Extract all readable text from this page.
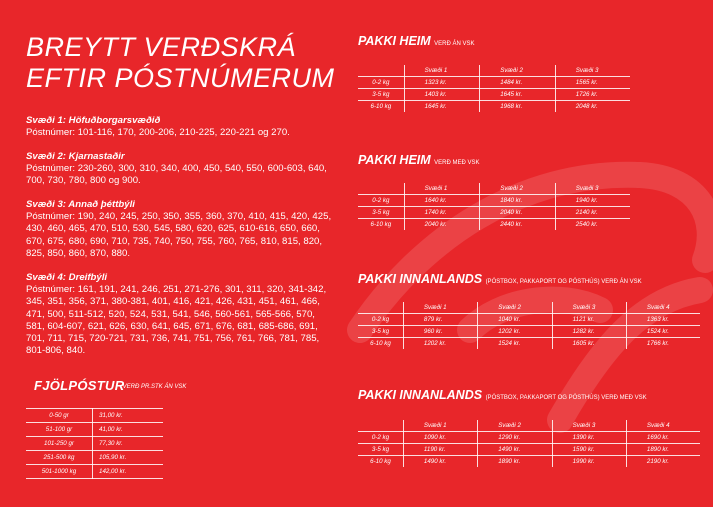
BREYTT VERÐSKRÁ
EFTIR PÓSTNÚMERUM
Svæði 1: Höfuðborgarsvæðið
Póstnúmer: 101-116, 170, 200-206, 210-225, 220-221 og 270.
Svæði 2: Kjarnastaðir
Póstnúmer: 230-260, 300, 310, 340, 400, 450, 540, 550, 600-603, 640, 700, 730, 780, 800 og 900.
Svæði 3: Annað þéttbýli
Póstnúmer: 190, 240, 245, 250, 350, 355, 360, 370, 410, 415, 420, 425, 430, 460, 465, 470, 510, 530, 545, 580, 620, 625, 610-616, 650, 660, 670, 675, 680, 690, 710, 735, 740, 750, 755, 760, 765, 810, 815, 820, 825, 850, 860, 870, 880.
Svæði 4: Dreifbýli
Póstnúmer: 161, 191, 241, 246, 251, 271-276, 301, 311, 320, 341-342, 345, 351, 356, 371, 380-381, 401, 416, 421, 426, 431, 451, 461, 466, 471, 500, 511-512, 520, 524, 531, 541, 546, 560-561, 565-566, 570, 581, 604-607, 621, 626, 630, 641, 645, 671, 676, 681, 685-686, 691, 701, 711, 715, 720-721, 731, 736, 741, 751, 756, 761, 766, 781, 785, 801-806, 840.
FJÖLPÓSTUR
- VERÐ PR.STK ÁN VSK
0-50 gr	31,00 kr.
51-100 gr	41,00 kr.
101-250 gr	77,30 kr.
251-500 kg	105,90 kr.
501-1000 kg	142,00 kr.
PAKKI HEIM VERÐ ÁN VSK
	Svæði 1	Svæði 2	Svæði 3
0-2 kg	1323 kr.	1484 kr.	1565 kr.
3-5 kg	1403 kr.	1645 kr.	1726 kr.
6-10 kg	1645 kr.	1968 kr.	2048 kr.
PAKKI HEIM VERÐ MEÐ VSK
	Svæði 1	Svæði 2	Svæði 3
0-2 kg	1640 kr.	1840 kr.	1940 kr.
3-5 kg	1740 kr.	2040 kr.	2140 kr.
6-10 kg	2040 kr.	2440 kr.	2540 kr.
PAKKI INNANLANDS (PÓSTBOX, PAKKAPORT OG PÓSTHÚS) VERÐ ÁN VSK
	Svæði 1	Svæði 2	Svæði 3	Svæði 4
0-2 kg	879 kr.	1040 kr.	1121 kr.	1363 kr.
3-5 kg	960 kr.	1202 kr.	1282 kr.	1524 kr.
6-10 kg	1202 kr.	1524 kr.	1605 kr.	1766 kr.
PAKKI INNANLANDS (PÓSTBOX, PAKKAPORT OG PÓSTHÚS) VERÐ MEÐ VSK
	Svæði 1	Svæði 2	Svæði 3	Svæði 4
0-2 kg	1090 kr.	1290 kr.	1390 kr.	1690 kr.
3-5 kg	1190 kr.	1490 kr.	1590 kr.	1890 kr.
6-10 kg	1490 kr.	1890 kr.	1990 kr.	2190 kr.
